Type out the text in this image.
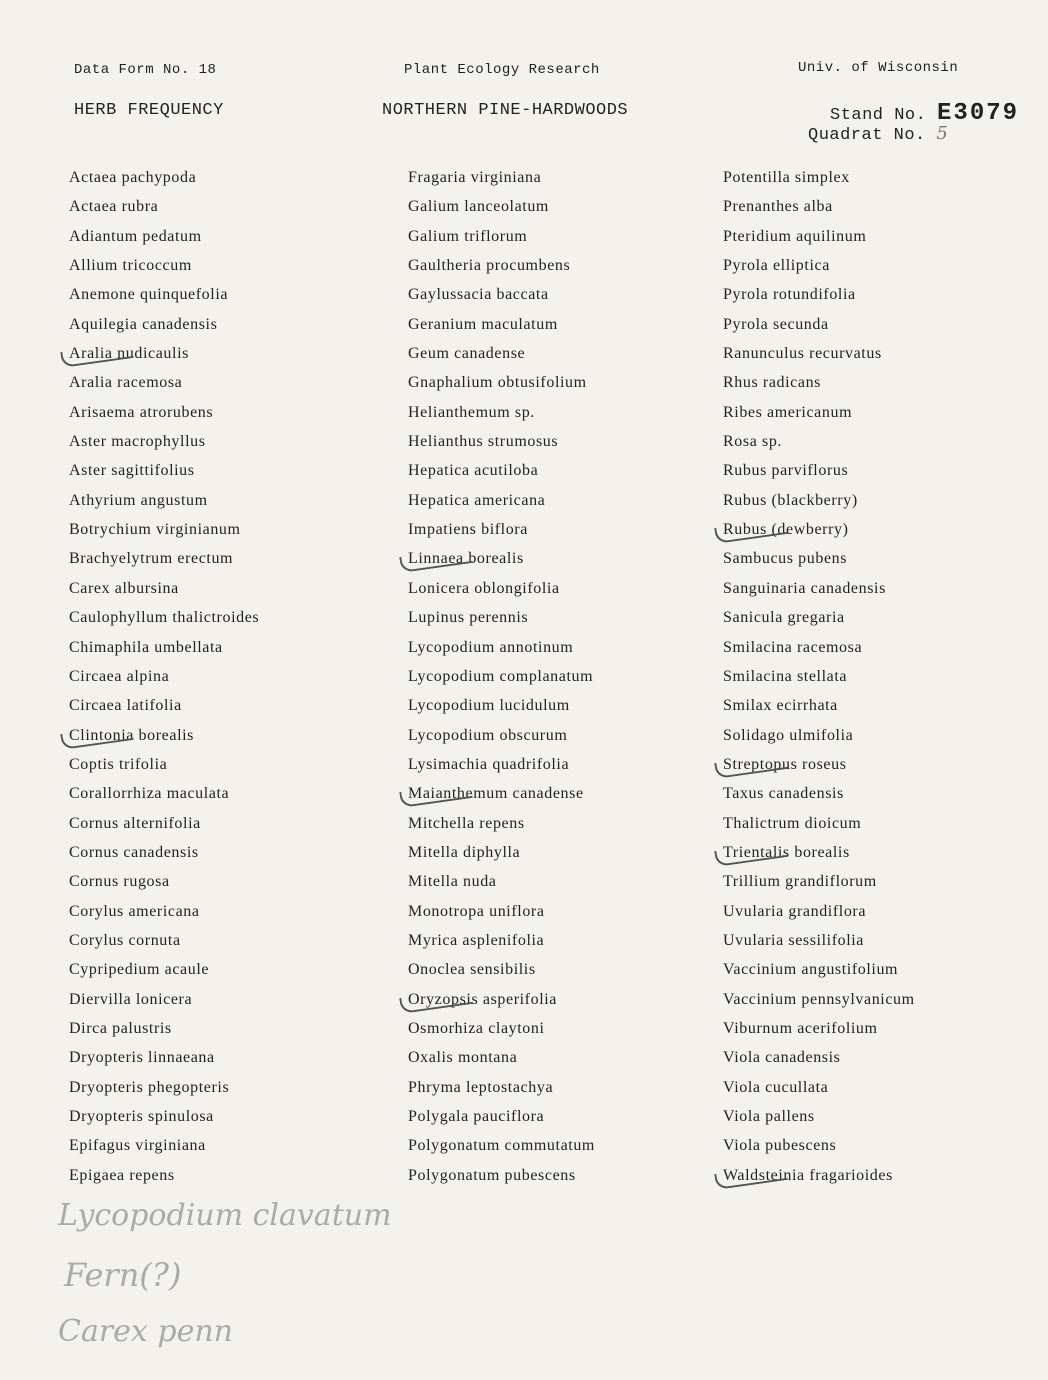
Data Form No. 18	Plant Ecology Research	Univ. of Wisconsin
HERB FREQUENCY	NORTHERN PINE-HARDWOODS	Stand No. E3079
Quadrat No. 5
Actaea pachypoda
Actaea rubra
Adiantum pedatum
Allium tricoccum
Anemone quinquefolia
Aquilegia canadensis
Aralia nudicaulis
Aralia racemosa
Arisaema atrorubens
Aster macrophyllus
Aster sagittifolius
Athyrium angustum
Botrychium virginianum
Brachyelytrum erectum
Carex albursina
Caulophyllum thalictroides
Chimaphila umbellata
Circaea alpina
Circaea latifolia
Clintonia borealis
Coptis trifolia
Corallorrhiza maculata
Cornus alternifolia
Cornus canadensis
Cornus rugosa
Corylus americana
Corylus cornuta
Cypripedium acaule
Diervilla lonicera
Dirca palustris
Dryopteris linnaeana
Dryopteris phegopteris
Dryopteris spinulosa
Epifagus virginiana
Epigaea repens
Fragaria virginiana
Galium lanceolatum
Galium triflorum
Gaultheria procumbens
Gaylussacia baccata
Geranium maculatum
Geum canadense
Gnaphalium obtusifolium
Helianthemum sp.
Helianthus strumosus
Hepatica acutiloba
Hepatica americana
Impatiens biflora
Linnaea borealis
Lonicera oblongifolia
Lupinus perennis
Lycopodium annotinum
Lycopodium complanatum
Lycopodium lucidulum
Lycopodium obscurum
Lysimachia quadrifolia
Maianthemum canadense
Mitchella repens
Mitella diphylla
Mitella nuda
Monotropa uniflora
Myrica asplenifolia
Onoclea sensibilis
Oryzopsis asperifolia
Osmorhiza claytoni
Oxalis montana
Phryma leptostachya
Polygala pauciflora
Polygonatum commutatum
Polygonatum pubescens
Potentilla simplex
Prenanthes alba
Pteridium aquilinum
Pyrola elliptica
Pyrola rotundifolia
Pyrola secunda
Ranunculus recurvatus
Rhus radicans
Ribes americanum
Rosa sp.
Rubus parviflorus
Rubus (blackberry)
Rubus (dewberry)
Sambucus pubens
Sanguinaria canadensis
Sanicula gregaria
Smilacina racemosa
Smilacina stellata
Smilax ecirrhata
Solidago ulmifolia
Streptopus roseus
Taxus canadensis
Thalictrum dioicum
Trientalis borealis
Trillium grandiflorum
Uvularia grandiflora
Uvularia sessilifolia
Vaccinium angustifolium
Vaccinium pennsylvanicum
Viburnum acerifolium
Viola canadensis
Viola cucullata
Viola pallens
Viola pubescens
Waldsteinia fragarioides
Lycopodium clavatum
Fern(?)
Carex penn
